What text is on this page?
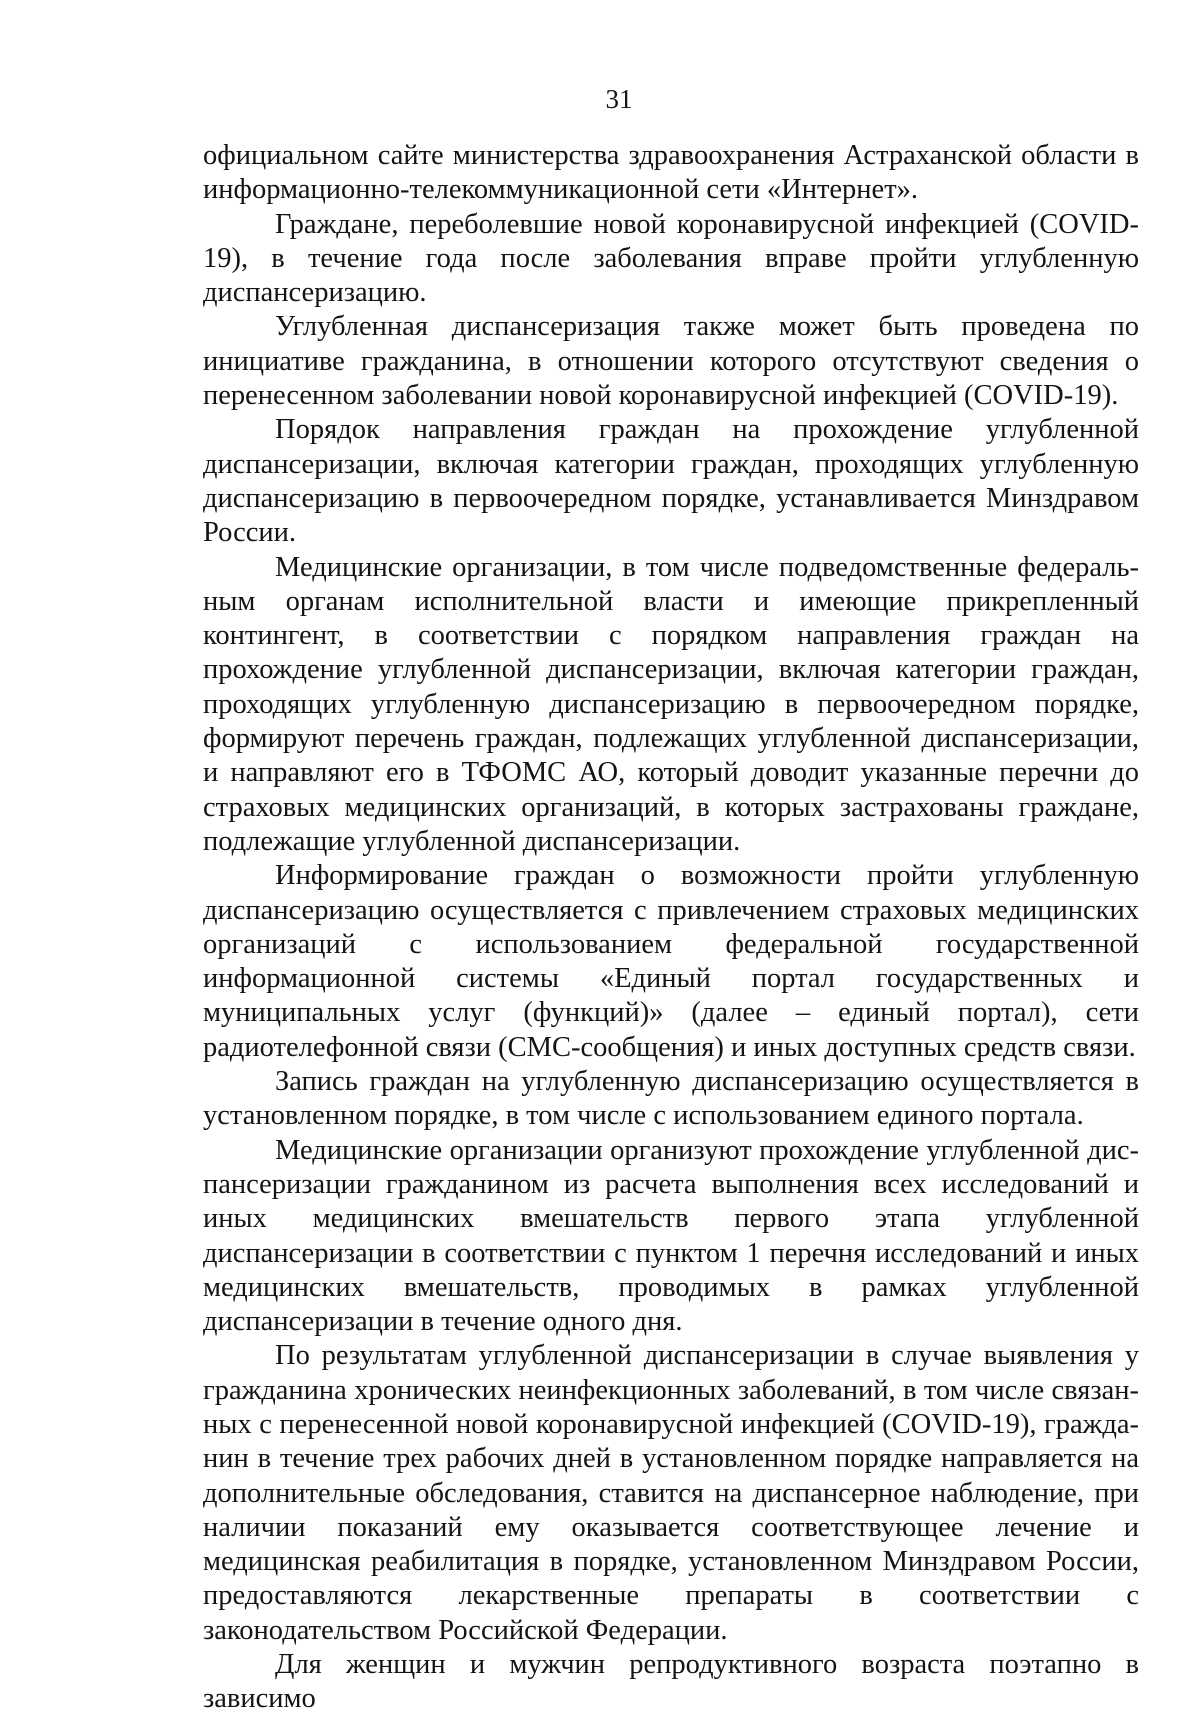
31

официальном сайте министерства здравоохранения Астраханской области в информационно-телекоммуникационной сети «Интернет».

Граждане, переболевшие новой коронавирусной инфекцией (COVID-19), в течение года после заболевания вправе пройти углубленную диспансеризацию.

Углубленная диспансеризация также может быть проведена по инициативе гражданина, в отношении которого отсутствуют сведения о перенесенном заболевании новой коронавирусной инфекцией (COVID-19).

Порядок направления граждан на прохождение углубленной диспансеризации, включая категории граждан, проходящих углубленную диспансеризацию в первоочередном порядке, устанавливается Минздравом России.

Медицинские организации, в том числе подведомственные федеральным органам исполнительной власти и имеющие прикрепленный контингент, в соответствии с порядком направления граждан на прохождение углубленной диспансеризации, включая категории граждан, проходящих углубленную диспансеризацию в первоочередном порядке, формируют перечень граждан, подлежащих углубленной диспансеризации, и направляют его в ТФОМС АО, который доводит указанные перечни до страховых медицинских организаций, в которых застрахованы граждане, подлежащие углубленной диспансеризации.

Информирование граждан о возможности пройти углубленную диспансеризацию осуществляется с привлечением страховых медицинских организаций с использованием федеральной государственной информационной системы «Единый портал государственных и муниципальных услуг (функций)» (далее – единый портал), сети радиотелефонной связи (СМС-сообщения) и иных доступных средств связи.

Запись граждан на углубленную диспансеризацию осуществляется в установленном порядке, в том числе с использованием единого портала.

Медицинские организации организуют прохождение углубленной диспансеризации гражданином из расчета выполнения всех исследований и иных медицинских вмешательств первого этапа углубленной диспансеризации в соответствии с пунктом 1 перечня исследований и иных медицинских вмешательств, проводимых в рамках углубленной диспансеризации в течение одного дня.

По результатам углубленной диспансеризации в случае выявления у гражданина хронических неинфекционных заболеваний, в том числе связанных с перенесенной новой коронавирусной инфекцией (COVID-19), гражданин в течение трех рабочих дней в установленном порядке направляется на дополнительные обследования, ставится на диспансерное наблюдение, при наличии показаний ему оказывается соответствующее лечение и медицинская реабилитация в порядке, установленном Минздравом России, предоставляются лекарственные препараты в соответствии с законодательством Российской Федерации.

Для женщин и мужчин репродуктивного возраста поэтапно в зависимо
